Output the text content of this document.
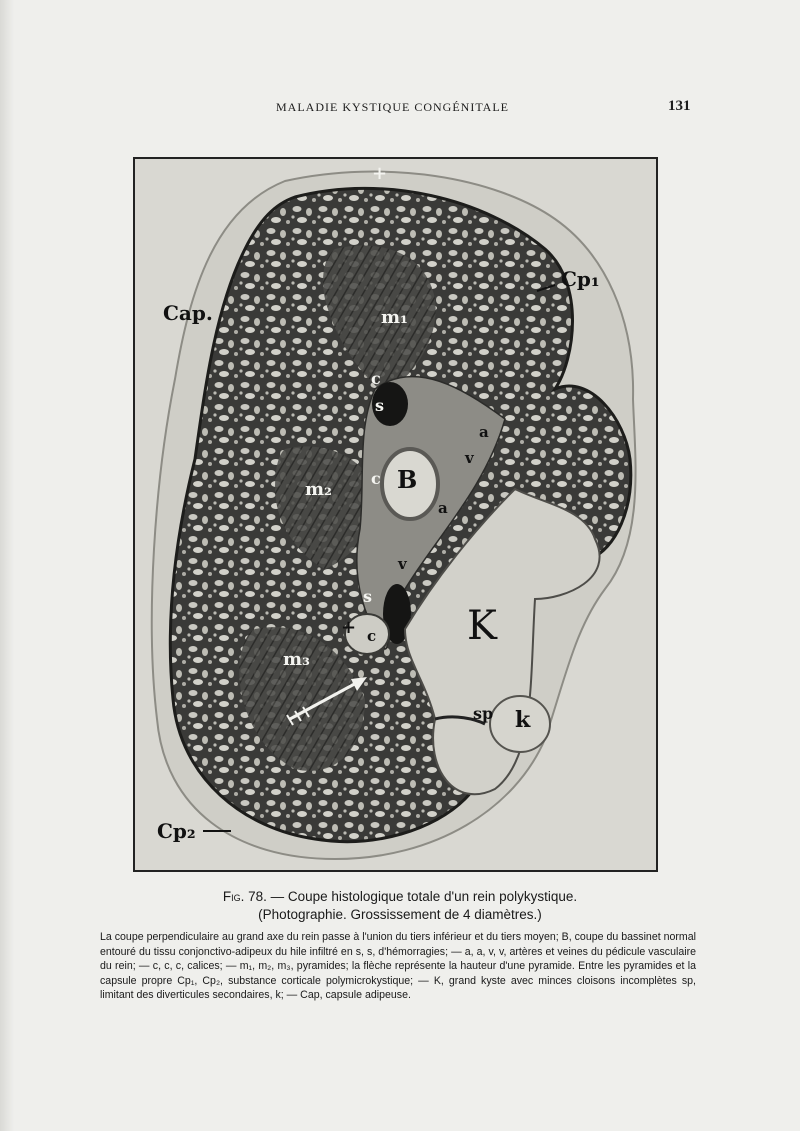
MALADIE KYSTIQUE CONGÉNITALE	131
+
Cp₁
Cap.	m₁
c
s
a
v
B
m₂
c
a
v
s
+ c K
m₃
sp k
Cp₂
Fig. 78. — Coupe histologique totale d'un rein polykystique.
(Photographie. Grossissement de 4 diamètres.)

La coupe perpendiculaire au grand axe du rein passe à l'union du tiers inférieur et du tiers moyen; B, coupe du bassinet normal entouré du tissu conjonctivo-adipeux du hile infiltré en s, s, d'hémorragies; — a, a, v, v, artères et veines du pédicule vasculaire du rein; — c, c, c, calices; — m₁, m₂, m₃, pyramides; la flèche représente la hauteur d'une pyramide. Entre les pyramides et la capsule propre Cp₁, Cp₂, substance corticale polymicrokystique; — K, grand kyste avec minces cloisons incomplètes sp, limitant des diverticules secondaires, k; — Cap, capsule adipeuse.
